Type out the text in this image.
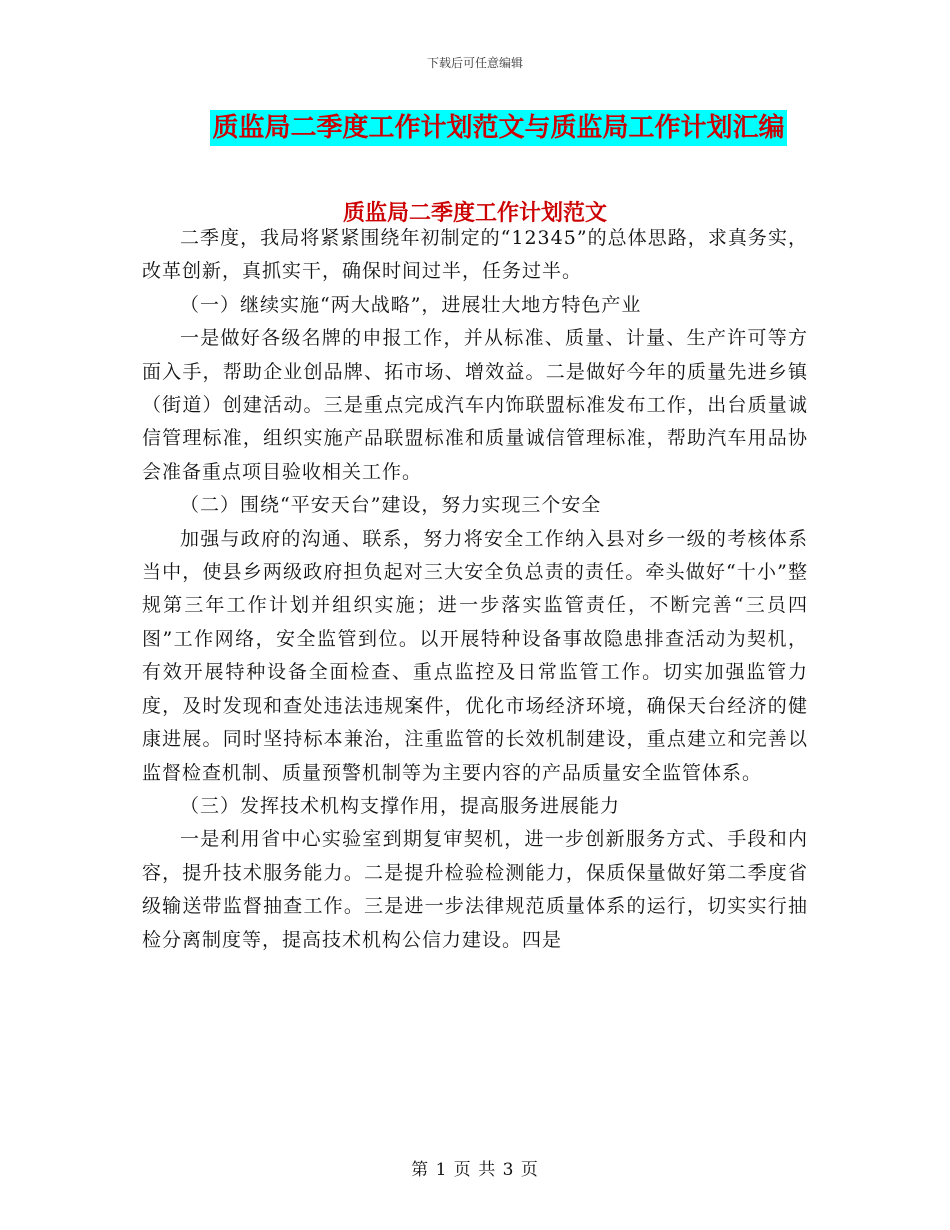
下载后可任意编辑
质监局二季度工作计划范文与质监局工作计划汇编
质监局二季度工作计划范文

二季度，我局将紧紧围绕年初制定的“12345”的总体思路，求真务实，改革创新，真抓实干，确保时间过半，任务过半。

（一）继续实施“两大战略”，进展壮大地方特色产业

一是做好各级名牌的申报工作，并从标准、质量、计量、生产许可等方面入手，帮助企业创品牌、拓市场、增效益。二是做好今年的质量先进乡镇（街道）创建活动。三是重点完成汽车内饰联盟标准发布工作，出台质量诚信管理标准，组织实施产品联盟标准和质量诚信管理标准，帮助汽车用品协会准备重点项目验收相关工作。

（二）围绕“平安天台”建设，努力实现三个安全

加强与政府的沟通、联系，努力将安全工作纳入县对乡一级的考核体系当中，使县乡两级政府担负起对三大安全负总责的责任。牵头做好“十小”整规第三年工作计划并组织实施；进一步落实监管责任，不断完善“三员四图”工作网络，安全监管到位。以开展特种设备事故隐患排查活动为契机，有效开展特种设备全面检查、重点监控及日常监管工作。切实加强监管力度，及时发现和查处违法违规案件，优化市场经济环境，确保天台经济的健康进展。同时坚持标本兼治，注重监管的长效机制建设，重点建立和完善以监督检查机制、质量预警机制等为主要内容的产品质量安全监管体系。

（三）发挥技术机构支撑作用，提高服务进展能力

一是利用省中心实验室到期复审契机，进一步创新服务方式、手段和内容，提升技术服务能力。二是提升检验检测能力，保质保量做好第二季度省级输送带监督抽查工作。三是进一步法律规范质量体系的运行，切实实行抽检分离制度等，提高技术机构公信力建设。四是

第 1 页 共 3 页
